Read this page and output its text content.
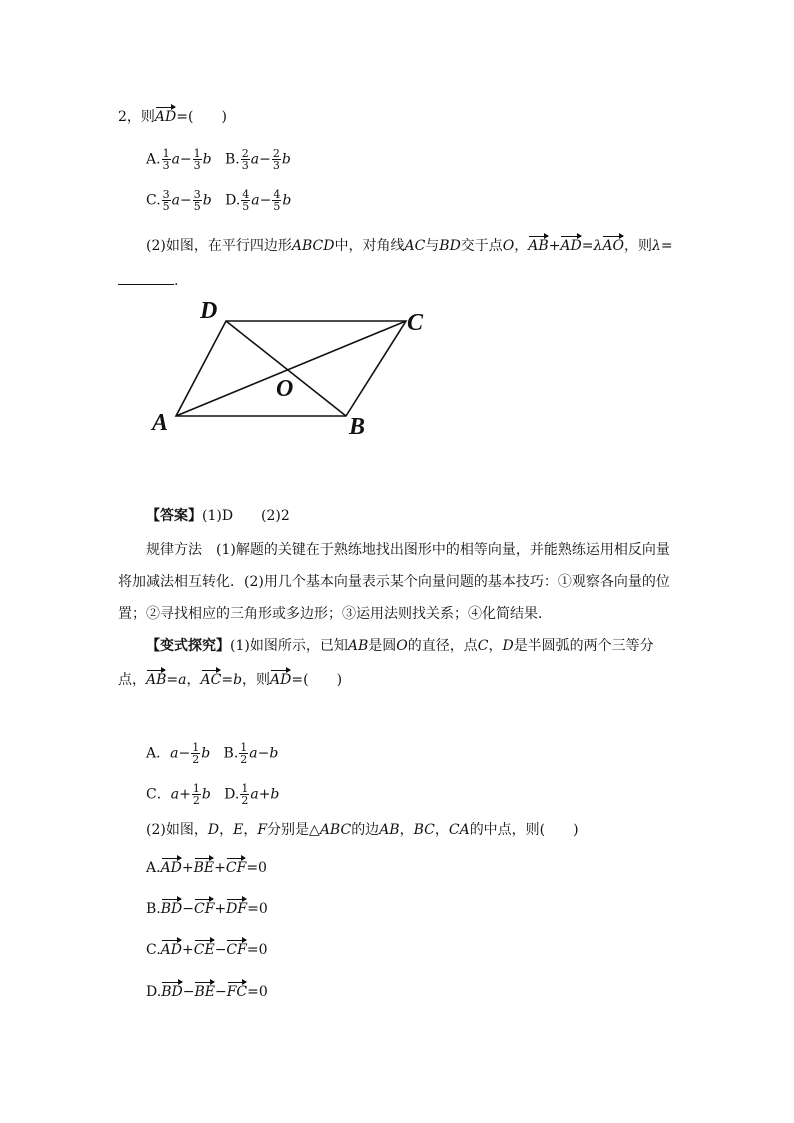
2，则AD=(　　)
A. $\frac{1}{3} a- \frac{1}{3}$ b B. $\frac{2}{3} a- \frac{2}{3}$ b
C. $\frac{3}{5} a- \frac{3}{5}$ b D. $\frac{4}{5} a- \frac{4}{5}$ b
(2)如图，在平行四边形ABCD中，对角线AC与BD交于点O，AB+AD=λAO，则λ=
.
A	B
C
D
O
【答案】(1)D　　(2)2
规律方法　(1)解题的关键在于熟练地找出图形中的相等向量，并能熟练运用相反向量
将加减法相互转化．(2)用几个基本向量表示某个向量问题的基本技巧：①观察各向量的位
置；②寻找相应的三角形或多边形；③运用法则找关系；④化简结果．
【变式探究】(1)如图所示，已知AB是圆O的直径，点C，D是半圆弧的两个三等分
点，AB=a，AC=b，则AD=(　　)
A．$a- \frac{1}{2}$ b B. $\frac{1}{2} a-b$
C．$a+ \frac{1}{2}$ b D. $\frac{1}{2} a+b$
(2)如图，D，E，F分别是△ABC的边AB，BC，CA的中点，则(　　)
A.AD+BE+CF=0
B.BD−CF+DF=0
C.AD+CE−CF=0
D.BD−BE−FC=0
